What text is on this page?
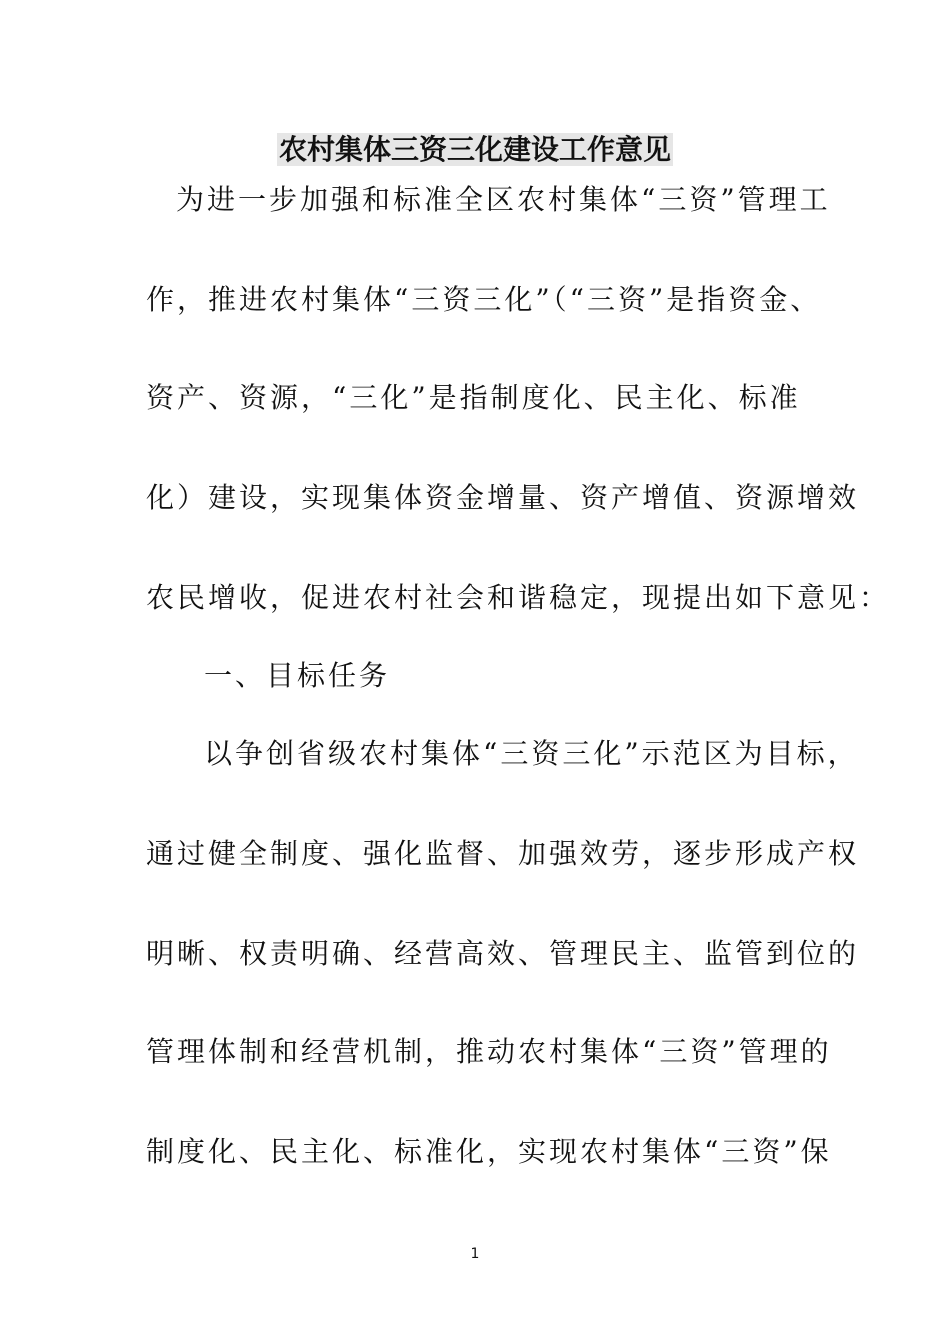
农村集体三资三化建设工作意见
为进一步加强和标准全区农村集体“三资”管理工
作，推进农村集体“三资三化”（“三资”是指资金、
资产、资源，“三化”是指制度化、民主化、标准
化）建设，实现集体资金增量、资产增值、资源增效
农民增收，促进农村社会和谐稳定，现提出如下意见：
一、目标任务
以争创省级农村集体“三资三化”示范区为目标，
通过健全制度、强化监督、加强效劳，逐步形成产权
明晰、权责明确、经营高效、管理民主、监管到位的
管理体制和经营机制，推动农村集体“三资”管理的
制度化、民主化、标准化，实现农村集体“三资”保
1
